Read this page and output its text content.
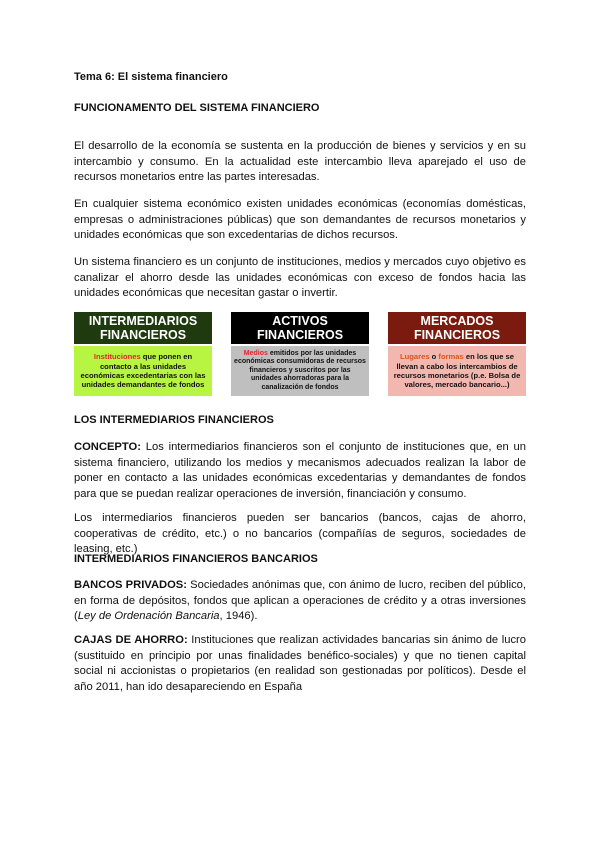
Tema 6: El sistema financiero

FUNCIONAMENTO DEL SISTEMA FINANCIERO

El desarrollo de la economía se sustenta en la producción de bienes y servicios y en su intercambio y consumo. En la actualidad este intercambio lleva aparejado el uso de recursos monetarios entre las partes interesadas.

En cualquier sistema económico existen unidades económicas (economías domésticas, empresas o administraciones públicas) que son demandantes de recursos monetarios y unidades económicas que son excedentarias de dichos recursos.

Un sistema financiero es un conjunto de instituciones, medios y mercados cuyo objetivo es canalizar el ahorro desde las unidades económicas con exceso de fondos hacia las unidades económicas que necesitan gastar o invertir.

INTERMEDIARIOS FINANCIEROS
Instituciones que ponen en contacto a las unidades económicas excedentarias con las unidades demandantes de fondos
ACTIVOS FINANCIEROS
Medios emitidos por las unidades económicas consumidoras de recursos financieros y suscritos por las unidades ahorradoras para la canalización de fondos
MERCADOS FINANCIEROS
Lugares o formas en los que se llevan a cabo los intercambios de recursos monetarios (p.e. Bolsa de valores, mercado bancario...)

LOS INTERMEDIARIOS FINANCIEROS

CONCEPTO: Los intermediarios financieros son el conjunto de instituciones que, en un sistema financiero, utilizando los medios y mecanismos adecuados realizan la labor de poner en contacto a las unidades económicas excedentarias y demandantes de fondos para que se puedan realizar operaciones de inversión, financiación y consumo.

Los intermediarios financieros pueden ser bancarios (bancos, cajas de ahorro, cooperativas de crédito, etc.) o no bancarios (compañías de seguros, sociedades de leasing, etc.)

INTERMEDIARIOS FINANCIEROS BANCARIOS

BANCOS PRIVADOS: Sociedades anónimas que, con ánimo de lucro, reciben del público, en forma de depósitos, fondos que aplican a operaciones de crédito y a otras inversiones (Ley de Ordenación Bancaria, 1946).

CAJAS DE AHORRO: Instituciones que realizan actividades bancarias sin ánimo de lucro (sustituido en principio por unas finalidades benéfico-sociales) y que no tienen capital social ni accionistas o propietarios (en realidad son gestionadas por políticos). Desde el año 2011, han ido desapareciendo en España
